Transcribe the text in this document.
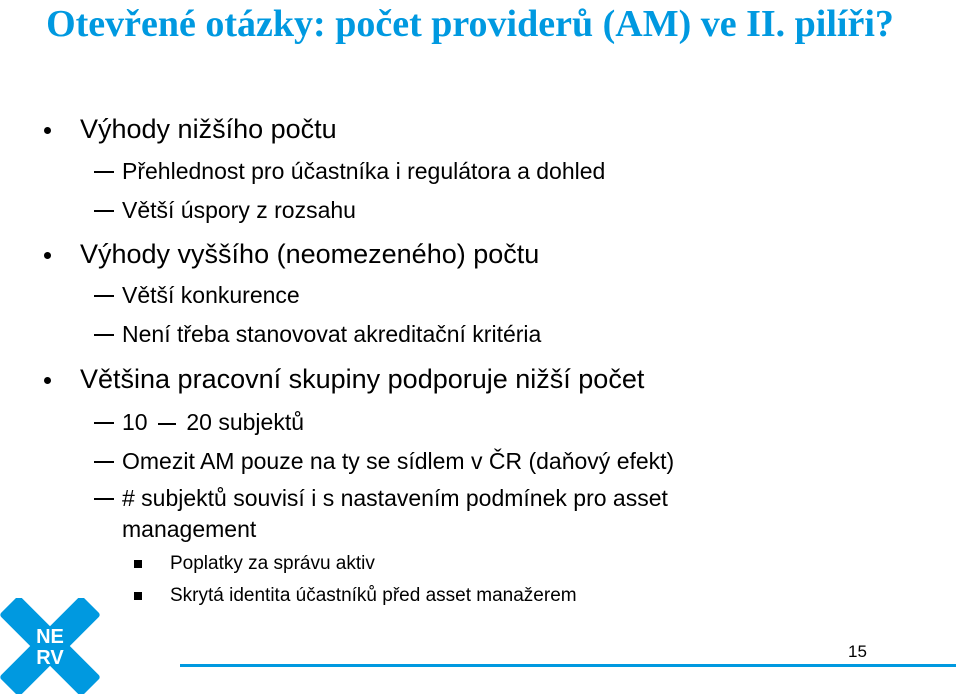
Otevřené otázky: počet providerů (AM) ve II. pilíři?
Výhody nižšího počtu
Přehlednost pro účastníka i regulátora a dohled
Větší úspory z rozsahu
Výhody vyššího (neomezeného) počtu
Větší konkurence
Není třeba stanovovat akreditační kritéria
Většina pracovní skupiny podporuje nižší počet
10 20 subjektů
Omezit AM pouze na ty se sídlem v ČR (daňový efekt)
# subjektů souvisí i s nastavením podmínek pro asset
management
Poplatky za správu aktiv
Skrytá identita účastníků před asset manažerem
NE
RV	15
